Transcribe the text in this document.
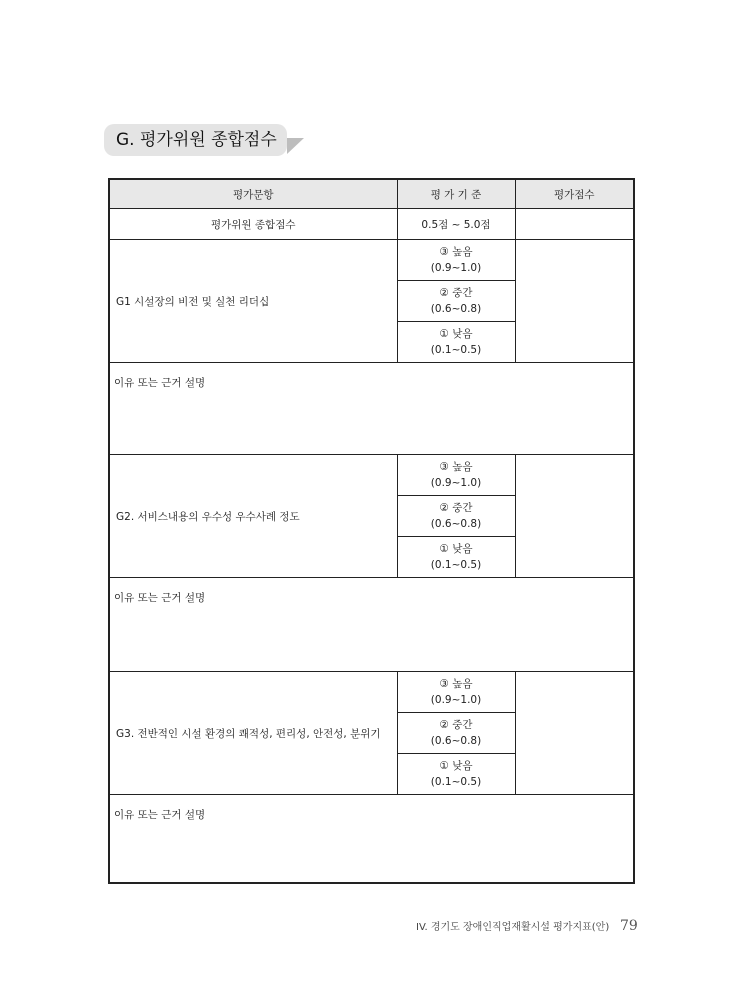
G. 평가위원 종합점수
평가문항	평 가 기 준	평가점수
평가위원 종합점수	0.5점 ~ 5.0점	
G1 시설장의 비전 및 실천 리더십	③ 높음
(0.9~1.0)	

	② 중간
(0.6~0.8)	

	① 낮음
(0.1~0.5)	

이유 또는 근거 설명		
G2. 서비스내용의 우수성 우수사례 정도	③ 높음
(0.9~1.0)	

	② 중간
(0.6~0.8)	

	① 낮음
(0.1~0.5)	

이유 또는 근거 설명		
G3. 전반적인 시설 환경의 쾌적성, 편리성, 안전성, 분위기	③ 높음
(0.9~1.0)	

	② 중간
(0.6~0.8)	

	① 낮음
(0.1~0.5)	

이유 또는 근거 설명		
IV. 경기도 장애인직업재활시설 평가지표(안) 79
